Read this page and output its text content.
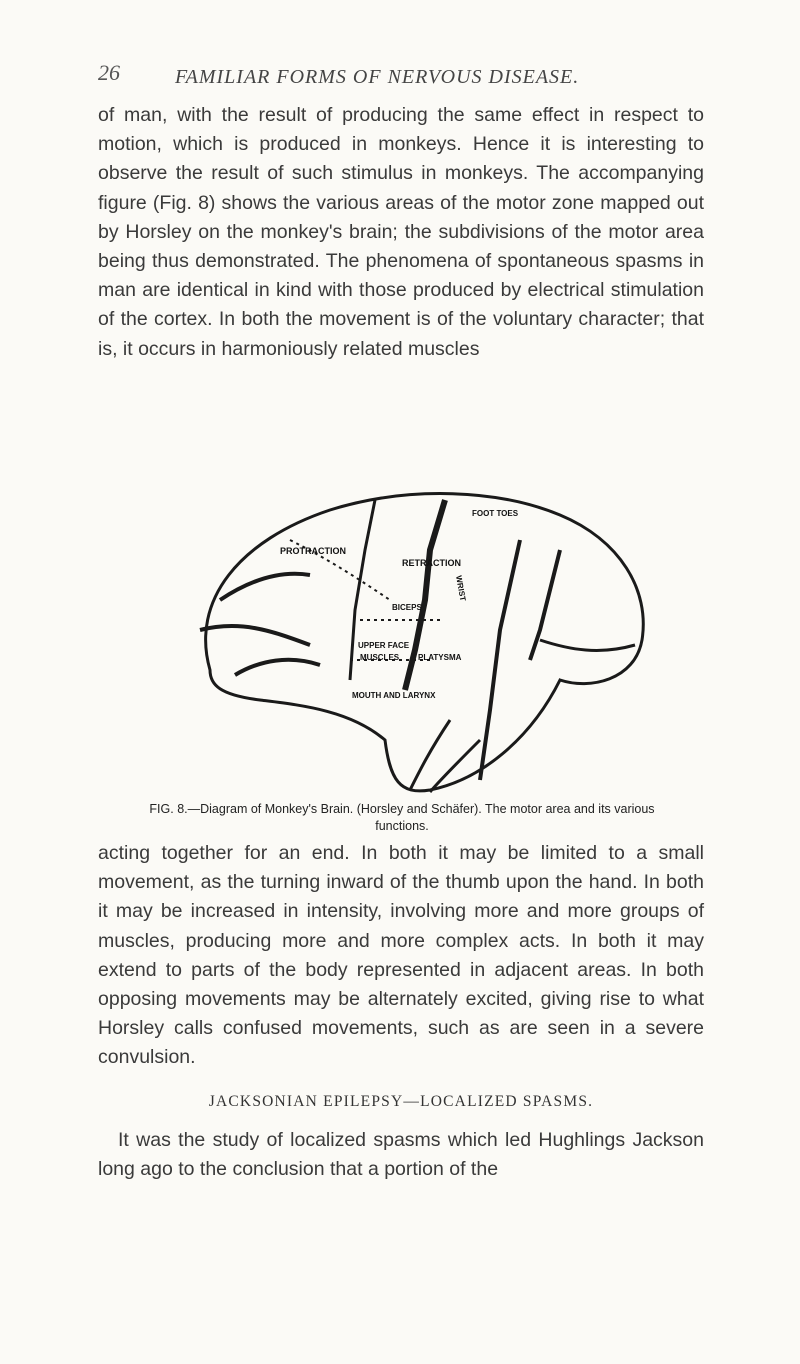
26	FAMILIAR FORMS OF NERVOUS DISEASE.

of man, with the result of producing the same effect in respect to motion, which is produced in monkeys. Hence it is interesting to observe the result of such stimulus in monkeys. The accompanying figure (Fig. 8) shows the various areas of the motor zone mapped out by Horsley on the monkey's brain; the subdivisions of the motor area being thus demonstrated. The phenomena of spontaneous spasms in man are identical in kind with those produced by electrical stimulation of the cortex. In both the movement is of the voluntary character; that is, it occurs in harmoniously related muscles

RETRACTION
PROTRACTION
BICEPS
UPPER FACE
MUSCLES PLATYSMA
MOUTH AND LARYNX
FOOT TOES
WRIST
FIG. 8.—Diagram of Monkey's Brain. (Horsley and Schäfer). The motor area and its various functions.

acting together for an end. In both it may be limited to a small movement, as the turning inward of the thumb upon the hand. In both it may be increased in intensity, involving more and more groups of muscles, producing more and more complex acts. In both it may extend to parts of the body represented in adjacent areas. In both opposing movements may be alternately excited, giving rise to what Horsley calls confused movements, such as are seen in a severe convulsion.

JACKSONIAN EPILEPSY—LOCALIZED SPASMS.

It was the study of localized spasms which led Hughlings Jackson long ago to the conclusion that a portion of the
